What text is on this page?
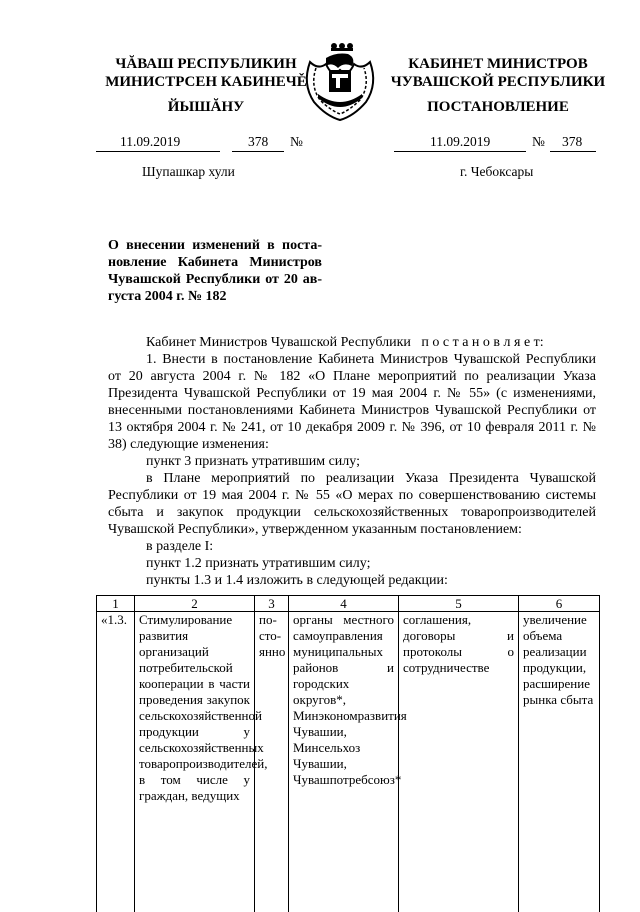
ЧĂВАШ РЕСПУБЛИКИН
МИНИСТРСЕН КАБИНЕЧĚ
ЙЫШĂНУ
КАБИНЕТ МИНИСТРОВ
ЧУВАШСКОЙ РЕСПУБЛИКИ
ПОСТАНОВЛЕНИЕ
11.09.2019	378 №	11.09.2019	№ 378
Шупашкар хули	г. Чебоксары
О внесении изменений в поста-
новление Кабинета Министров
Чувашской Республики от 20 ав-
густа 2004 г. № 182

Кабинет Министров Чувашской Республики   п о с т а н о в л я е т:

1. Внести в постановление Кабинета Министров Чувашской Республики от 20 августа 2004 г. № 182 «О Плане мероприятий по реализации Указа Президента Чувашской Республики от 19 мая 2004 г. № 55» (с изменениями, внесенными постановлениями Кабинета Министров Чувашской Республики от 13 октября 2004 г. № 241, от 10 декабря 2009 г. № 396, от 10 февраля 2011 г. № 38) следующие изменения:

пункт 3 признать утратившим силу;

в Плане мероприятий по реализации Указа Президента Чувашской Республики от 19 мая 2004 г. № 55 «О мерах по совершенствованию системы сбыта и закупок продукции сельскохозяйственных товаропроизводителей Чувашской Республики», утвержденном указанным постановлением:

в разделе I:

пункт 1.2 признать утратившим силу;

пункты 1.3 и 1.4 изложить в следующей редакции:

1	2	3	4	5	6
«1.3.	Стимулирование развития организаций потребительской кооперации в части проведения закупок сельскохозяйственной продукции у сельскохозяйственных товаропроизводителей, в том числе у граждан, ведущих	по-
сто-
янно	органы местного самоуправления муниципальных районов и городских округов*, Минэкономразвития Чувашии, Минсельхоз Чувашии, Чувашпотребсоюз*	соглашения, договоры и протоколы о сотрудничестве	увеличение объема реализации продукции, расширение рынка сбыта
